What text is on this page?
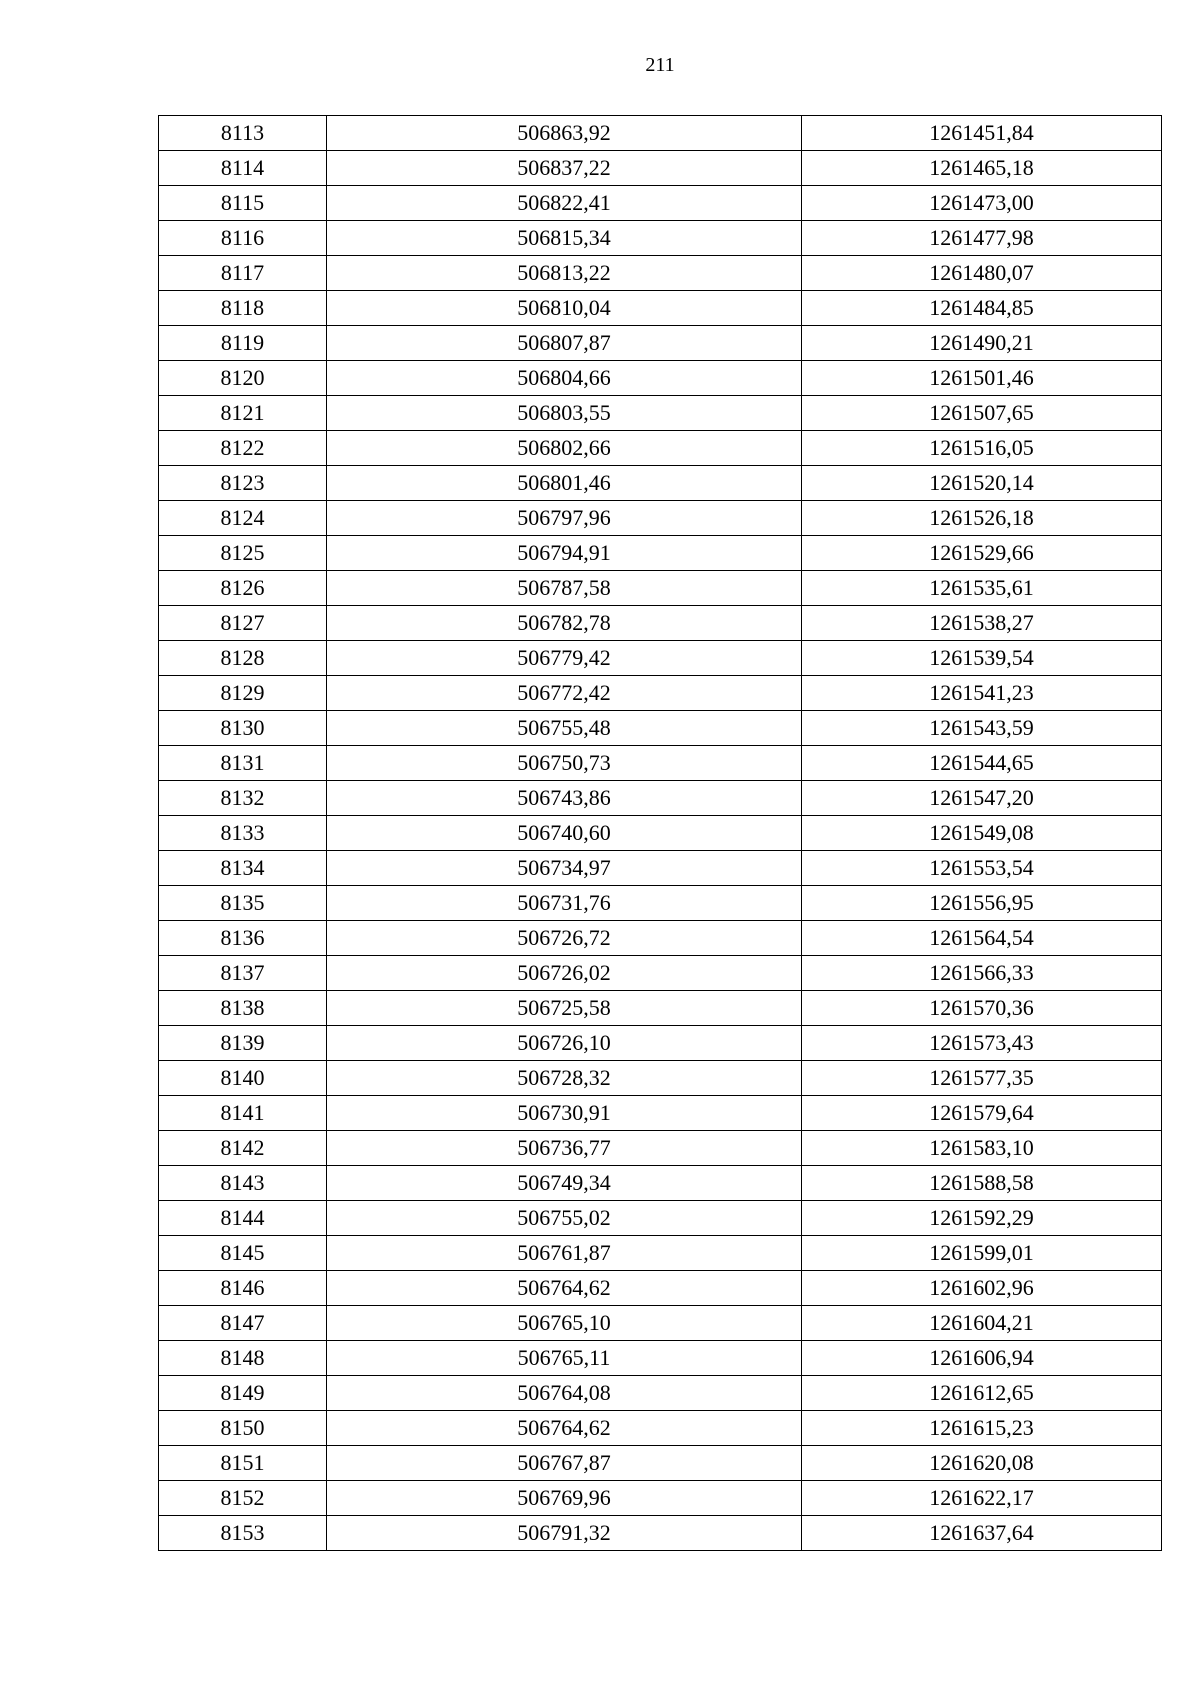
211
8113	506863,92	1261451,84
8114	506837,22	1261465,18
8115	506822,41	1261473,00
8116	506815,34	1261477,98
8117	506813,22	1261480,07
8118	506810,04	1261484,85
8119	506807,87	1261490,21
8120	506804,66	1261501,46
8121	506803,55	1261507,65
8122	506802,66	1261516,05
8123	506801,46	1261520,14
8124	506797,96	1261526,18
8125	506794,91	1261529,66
8126	506787,58	1261535,61
8127	506782,78	1261538,27
8128	506779,42	1261539,54
8129	506772,42	1261541,23
8130	506755,48	1261543,59
8131	506750,73	1261544,65
8132	506743,86	1261547,20
8133	506740,60	1261549,08
8134	506734,97	1261553,54
8135	506731,76	1261556,95
8136	506726,72	1261564,54
8137	506726,02	1261566,33
8138	506725,58	1261570,36
8139	506726,10	1261573,43
8140	506728,32	1261577,35
8141	506730,91	1261579,64
8142	506736,77	1261583,10
8143	506749,34	1261588,58
8144	506755,02	1261592,29
8145	506761,87	1261599,01
8146	506764,62	1261602,96
8147	506765,10	1261604,21
8148	506765,11	1261606,94
8149	506764,08	1261612,65
8150	506764,62	1261615,23
8151	506767,87	1261620,08
8152	506769,96	1261622,17
8153	506791,32	1261637,64
